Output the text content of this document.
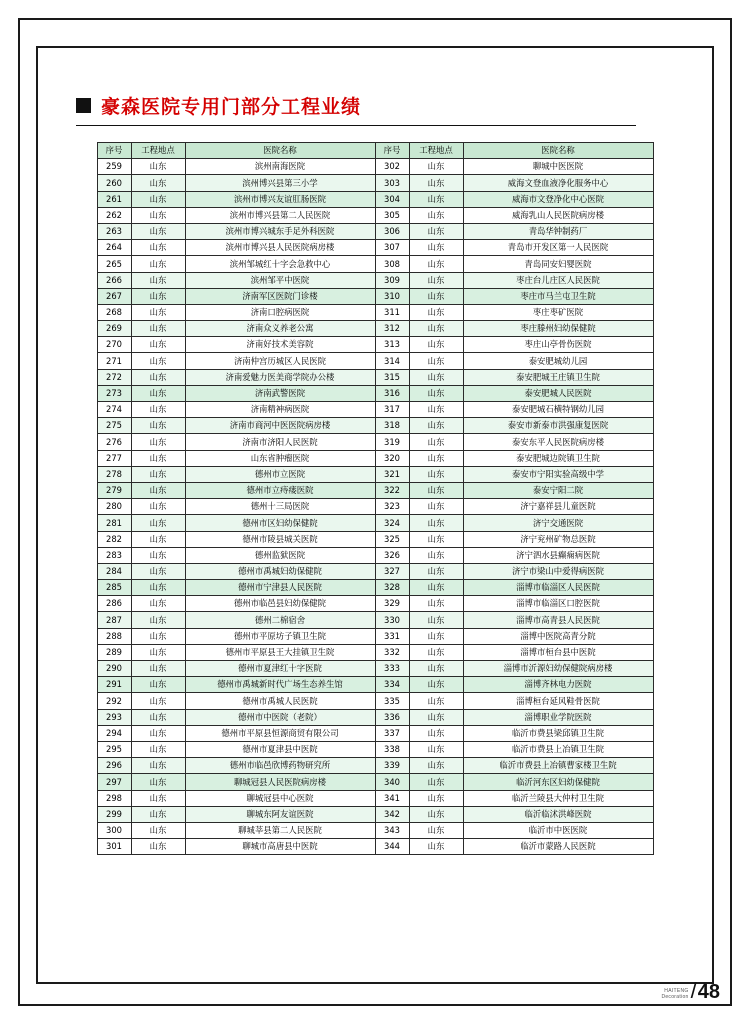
豪森医院专用门部分工程业绩
序号	工程地点	医院名称	序号	工程地点	医院名称
259	山东	滨州南海医院	302	山东	聊城中医医院
260	山东	滨州博兴县第三小学	303	山东	威海文登血液净化服务中心
261	山东	滨州市博兴友谊肛肠医院	304	山东	威海市文登净化中心医院
262	山东	滨州市博兴县第二人民医院	305	山东	威海乳山人民医院病房楼
263	山东	滨州市博兴城东手足外科医院	306	山东	青岛华钟制药厂
264	山东	滨州市博兴县人民医院病房楼	307	山东	青岛市开发区第一人民医院
265	山东	滨州邹城红十字会急救中心	308	山东	青岛同安妇婴医院
266	山东	滨州邹平中医院	309	山东	枣庄台儿庄区人民医院
267	山东	济南军区医院门诊楼	310	山东	枣庄市马兰屯卫生院
268	山东	济南口腔病医院	311	山东	枣庄枣矿医院
269	山东	济南众义养老公寓	312	山东	枣庄滕州妇幼保健院
270	山东	济南好技术美容院	313	山东	枣庄山亭骨伤医院
271	山东	济南仲宫历城区人民医院	314	山东	泰安肥城幼儿园
272	山东	济南爱魅力医美商学院办公楼	315	山东	泰安肥城王庄镇卫生院
273	山东	济南武警医院	316	山东	泰安肥城人民医院
274	山东	济南精神病医院	317	山东	泰安肥城石横特钢幼儿园
275	山东	济南市商河中医医院病房楼	318	山东	泰安市新泰市洪强康复医院
276	山东	济南市济阳人民医院	319	山东	泰安东平人民医院病房楼
277	山东	山东省肿瘤医院	320	山东	泰安肥城边院镇卫生院
278	山东	德州市立医院	321	山东	泰安市宁阳实验高级中学
279	山东	德州市立痔瘘医院	322	山东	泰安宁阳二院
280	山东	德州十三局医院	323	山东	济宁嘉祥县儿童医院
281	山东	德州市区妇幼保健院	324	山东	济宁交通医院
282	山东	德州市陵县城关医院	325	山东	济宁兖州矿物总医院
283	山东	德州监狱医院	326	山东	济宁泗水县癫痫病医院
284	山东	德州市禹城妇幼保健院	327	山东	济宁市梁山中爱得病医院
285	山东	德州市宁津县人民医院	328	山东	淄博市临淄区人民医院
286	山东	德州市临邑县妇幼保健院	329	山东	淄博市临淄区口腔医院
287	山东	德州二棉宿舍	330	山东	淄博市高青县人民医院
288	山东	德州市平原坊子镇卫生院	331	山东	淄博中医院高青分院
289	山东	德州市平原县王大挂镇卫生院	332	山东	淄博市桓台县中医院
290	山东	德州市夏津红十字医院	333	山东	淄博市沂源妇幼保健院病房楼
291	山东	德州市禹城新时代广场生态养生馆	334	山东	淄博齐林电力医院
292	山东	德州市禹城人民医院	335	山东	淄博桓台延风鞋骨医院
293	山东	德州市中医院（老院）	336	山东	淄博职业学院医院
294	山东	德州市平原县恒源商贸有限公司	337	山东	临沂市费县梁邱镇卫生院
295	山东	德州市夏津县中医院	338	山东	临沂市费县上冶镇卫生院
296	山东	德州市临邑欣博药物研究所	339	山东	临沂市费县上冶镇曹家楼卫生院
297	山东	聊城冠县人民医院病房楼	340	山东	临沂河东区妇幼保健院
298	山东	聊城冠县中心医院	341	山东	临沂兰陵县大仲村卫生院
299	山东	聊城东阿友谊医院	342	山东	临沂临沭洪峰医院
300	山东	聊城莘县第二人民医院	343	山东	临沂市中医医院
301	山东	聊城市高唐县中医院	344	山东	临沂市蒙路人民医院
HAITENG
Decoration / 48
